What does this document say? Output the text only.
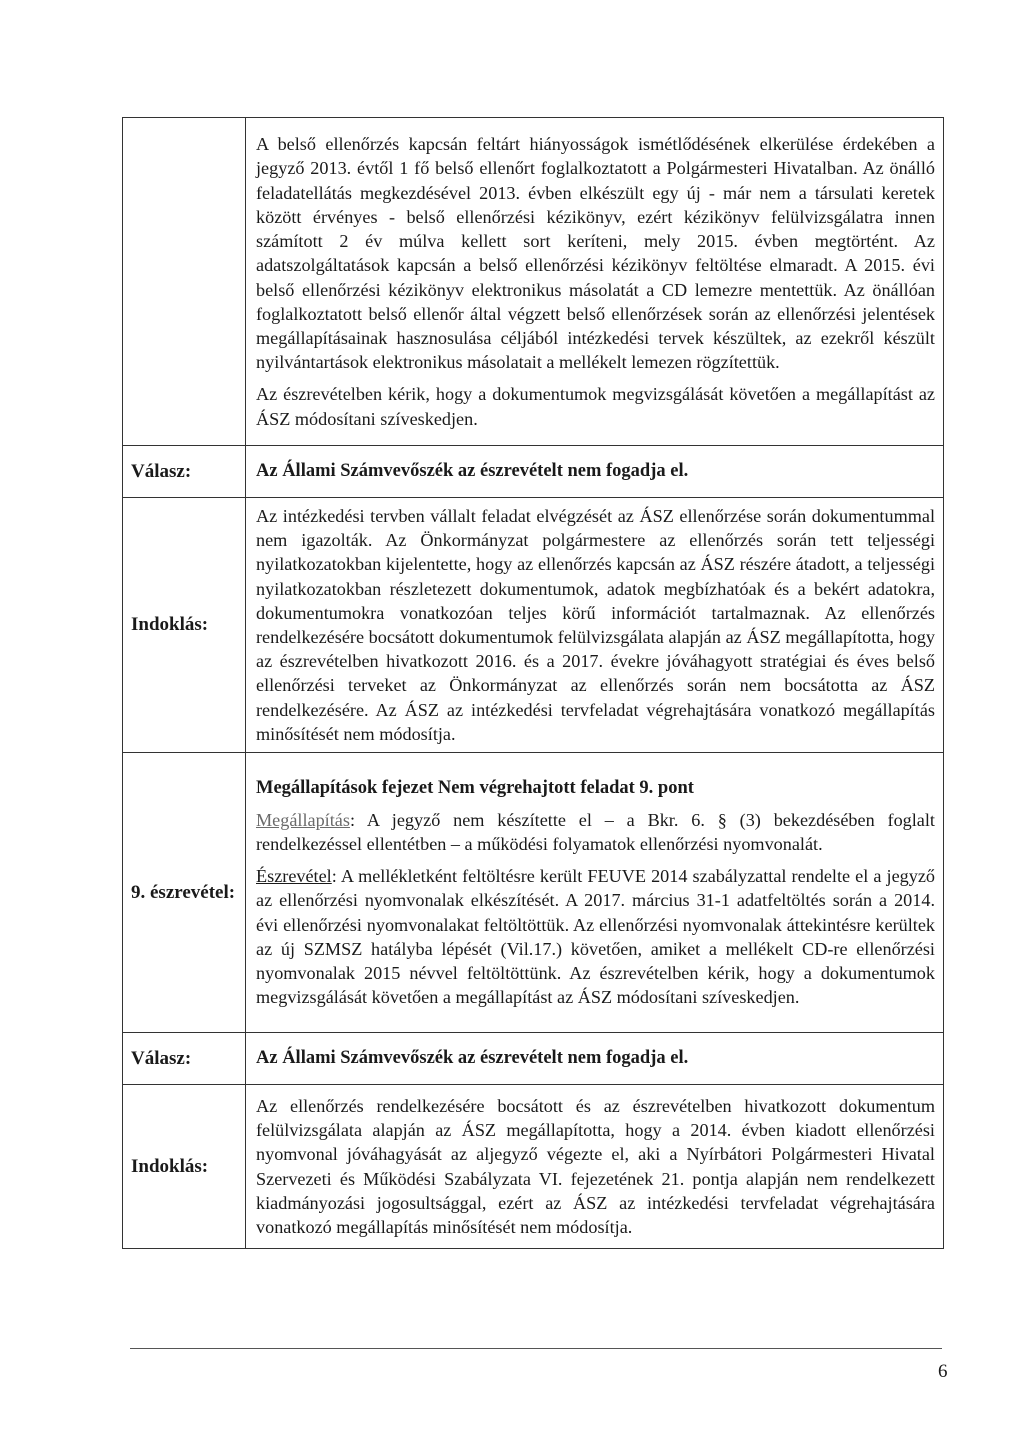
	A belső ellenőrzés kapcsán feltárt hiányosságok ismétlődésének elkerülése érdekében a jegyző 2013. évtől 1 fő belső ellenőrt foglalkoztatott a Polgármesteri Hivatalban. Az önálló feladatellátás megkezdésével 2013. évben elkészült egy új - már nem a társulati keretek között érvényes - belső ellenőrzési kézikönyv, ezért kézikönyv felülvizsgálatra innen számított 2 év múlva kellett sort keríteni, mely 2015. évben megtörtént. Az adatszolgáltatások kapcsán a belső ellenőrzési kézikönyv feltöltése elmaradt. A 2015. évi belső ellenőrzési kézikönyv elektronikus másolatát a CD lemezre mentettük. Az önállóan foglalkoztatott belső ellenőr által végzett belső ellenőrzések során az ellenőrzési jelentések megállapításainak hasznosulása céljából intézkedési tervek készültek, az ezekről készült nyilvántartások elektronikus másolatait a mellékelt lemezen rögzítettük.

Az észrevételben kérik, hogy a dokumentumok megvizsgálását követően a megállapítást az ÁSZ módosítani szíveskedjen.

Válasz:	Az Állami Számvevőszék az észrevételt nem fogadja el.
Indoklás:	Az intézkedési tervben vállalt feladat elvégzését az ÁSZ ellenőrzése során dokumentummal nem igazolták. Az Önkormányzat polgármestere az ellenőrzés során tett teljességi nyilatkozatokban kijelentette, hogy az ellenőrzés kapcsán az ÁSZ részére átadott, a teljességi nyilatkozatokban részletezett dokumentumok, adatok megbízhatóak és a bekért adatokra, dokumentumokra vonatkozóan teljes körű információt tartalmaznak. Az ellenőrzés rendelkezésére bocsátott dokumentumok felülvizsgálata alapján az ÁSZ megállapította, hogy az észrevételben hivatkozott 2016. és a 2017. évekre jóváhagyott stratégiai és éves belső ellenőrzési terveket az Önkormányzat az ellenőrzés során nem bocsátotta az ÁSZ rendelkezésére. Az ÁSZ az intézkedési tervfeladat végrehajtására vonatkozó megállapítás minősítését nem módosítja.
9. észrevétel:	Megállapítások fejezet Nem végrehajtott feladat 9. pont

Megállapítás: A jegyző nem készítette el – a Bkr. 6. § (3) bekezdésében foglalt rendelkezéssel ellentétben – a működési folyamatok ellenőrzési nyomvonalát.

Észrevétel: A mellékletként feltöltésre került FEUVE 2014 szabályzattal rendelte el a jegyző az ellenőrzési nyomvonalak elkészítését. A 2017. március 31-1 adatfeltöltés során a 2014. évi ellenőrzési nyomvonalakat feltöltöttük. Az ellenőrzési nyomvonalak áttekintésre kerültek az új SZMSZ hatályba lépését (Vil.17.) követően, amiket a mellékelt CD-re ellenőrzési nyomvonalak 2015 névvel feltöltöttünk. Az észrevételben kérik, hogy a dokumentumok megvizsgálását követően a megállapítást az ÁSZ módosítani szíveskedjen.

Válasz:	Az Állami Számvevőszék az észrevételt nem fogadja el.
Indoklás:	Az ellenőrzés rendelkezésére bocsátott és az észrevételben hivatkozott dokumentum felülvizsgálata alapján az ÁSZ megállapította, hogy a 2014. évben kiadott ellenőrzési nyomvonal jóváhagyását az aljegyző végezte el, aki a Nyírbátori Polgármesteri Hivatal Szervezeti és Működési Szabályzata VI. fejezetének 21. pontja alapján nem rendelkezett kiadmányozási jogosultsággal, ezért az ÁSZ az intézkedési tervfeladat végrehajtására vonatkozó megállapítás minősítését nem módosítja.
6
